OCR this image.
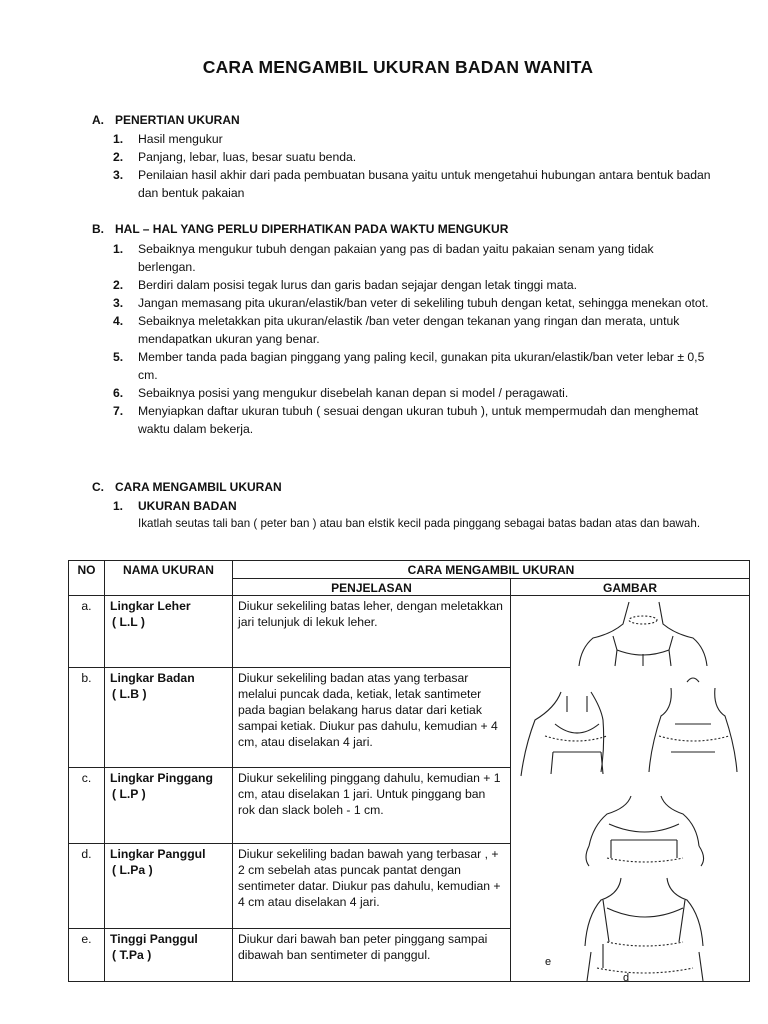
CARA MENGAMBIL UKURAN BADAN WANITA
A. PENERTIAN UKURAN
1. Hasil mengukur
2. Panjang, lebar, luas, besar suatu benda.
3. Penilaian hasil akhir dari pada pembuatan busana yaitu untuk mengetahui hubungan antara bentuk badan dan bentuk pakaian
B. HAL – HAL YANG PERLU DIPERHATIKAN PADA WAKTU MENGUKUR
1. Sebaiknya mengukur tubuh dengan pakaian yang pas di badan yaitu pakaian senam yang tidak berlengan.
2. Berdiri dalam posisi tegak lurus dan garis badan sejajar dengan letak tinggi mata.
3. Jangan memasang pita ukuran/elastik/ban veter di sekeliling tubuh dengan ketat, sehingga menekan otot.
4. Sebaiknya meletakkan pita ukuran/elastik /ban veter dengan tekanan yang ringan dan merata, untuk mendapatkan ukuran yang benar.
5. Member tanda pada bagian pinggang yang paling kecil, gunakan pita ukuran/elastik/ban veter lebar ± 0,5 cm.
6. Sebaiknya posisi yang mengukur disebelah kanan depan si model / peragawati.
7. Menyiapkan daftar ukuran tubuh ( sesuai dengan ukuran tubuh ), untuk mempermudah dan menghemat waktu dalam bekerja.
C. CARA MENGAMBIL UKURAN
1. UKURAN BADAN
Ikatlah seutas tali ban ( peter ban ) atau ban elstik kecil pada pinggang sebagai batas badan atas dan bawah.
NO	NAMA UKURAN	CARA MENGAMBIL UKURAN	
		PENJELASAN	GAMBAR
a.	Lingkar Leher
( L.L )	Diukur sekeliling batas leher, dengan meletakkan jari telunjuk di lekuk leher.	e
d

b.	Lingkar Badan
( L.B )	Diukur sekeliling badan atas yang terbasar melalui puncak dada, ketiak, letak santimeter pada bagian belakang harus datar dari ketiak sampai ketiak. Diukur pas dahulu, kemudian + 4 cm, atau diselakan 4 jari.	
c.	Lingkar Pinggang
( L.P )	Diukur sekeliling pinggang dahulu, kemudian + 1 cm, atau diselakan 1 jari. Untuk pinggang ban rok dan slack boleh - 1 cm.	
d.	Lingkar Panggul
( L.Pa )	Diukur sekeliling badan bawah yang terbasar , + 2 cm sebelah atas puncak pantat dengan sentimeter datar. Diukur pas dahulu, kemudian + 4 cm atau diselakan 4 jari.	
e.	Tinggi Panggul
( T.Pa )	Diukur dari bawah ban peter pinggang sampai dibawah ban sentimeter di panggul.	
